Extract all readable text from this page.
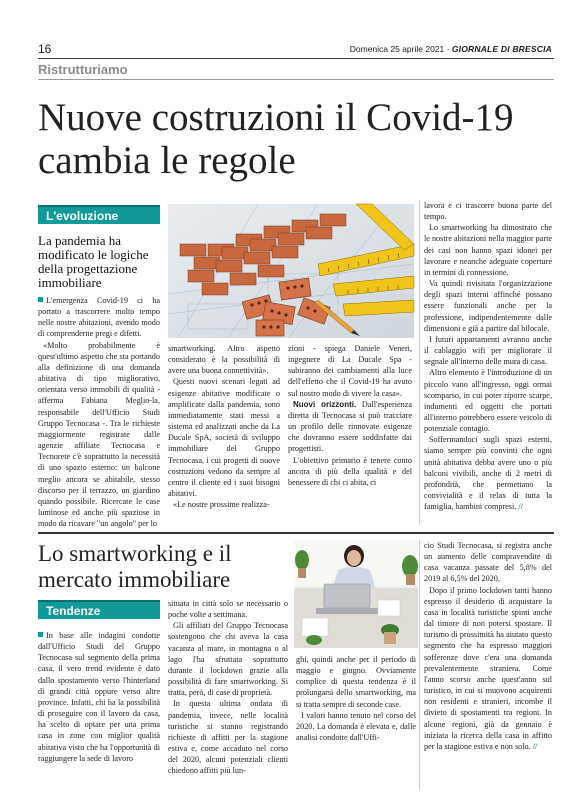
16	Domenica 25 aprile 2021 · GIORNALE DI BRESCIA
Ristrutturiamo
Nuove costruzioni il Covid-19 cambia le regole
L'evoluzione
La pandemia ha modificato le logiche della progettazione immobiliare

L'emergenza Covid-19 ci ha portato a trascorrere molto tempo nelle nostre abitazioni, avendo modo di comprenderne pregi e difetti.

«Molto probabilmente è quest'ultimo aspetto che sta portando alla definizione di una domanda abitativa di tipo migliorativo, orientata verso immobili di qualità - afferma Fabiana Meglio-la, responsabile dell'Ufficio Studi Gruppo Tecnocasa -. Tra le richieste maggiormente registrate dalle agenzie affiliate Tecnocasa e Tecnorete c'è soprattutto la necessità di uno spazio esterno: un balcone meglio ancora se abitabile, stesso discorso per il terrazzo, un giardino quando possibile. Ricercate le case luminose ed anche più spaziose in modo da ricavare "un angolo" per lo

smartworking. Altro aspetto considerato è la possibilità di avere una buona connettività».

Questi nuovi scenari legati ad esigenze abitative modificate o amplificate dalla pandemia, sono immediatamente stati messi a sistema ed analizzati anche da La Ducale SpA, società di sviluppo immobiliare del Gruppo Tecnocasa, i cui progetti di nuove costruzioni vedono da sempre al centro il cliente ed i suoi bisogni abitativi.

«Le nostre prossime realizza-

zioni - spiega Daniele Veneri, ingegnere di La Ducale Spa - subiranno dei cambiamenti alla luce dell'effetto che il Covid-19 ha avuto sul nostro modo di vivere la casa».

Nuovi orizzonti. Dall'esperienza diretta di Tecnocasa si può tracciare un profilo delle rinnovate esigenze che dovranno essere soddisfatte dai progettisti.

L'obiettivo primario è tenere conto ancora di più della qualità e del benessere di chi ci abita, ci

lavora e ci trascorre buona parte del tempo.

Lo smartworking ha dimostrato che le nostre abitazioni nella maggior parte dei casi non hanno spazi idonei per lavorare e neanche adeguate coperture in termini di connessione.

Va quindi rivisitata l'organizzazione degli spazi interni affinché possano essere funzionali anche per la professione, indipendentemente dalle dimensioni e già a partire dal bilocale.

I futuri appartamenti avranno anche il cablaggio wifi per migliorare il segnale all'interno delle mura di casa.

Altro elemento è l'introduzione di un piccolo vano all'ingresso, oggi ormai scomparso, in cui poter riporre scarpe, indumenti ed oggetti che portati all'interno potrebbero essere veicolo di potenziale contagio.

Soffermandoci sugli spazi esterni, siamo sempre più convinti che ogni unità abitativa debba avere uno o più balconi vivibili, anche di 2 metri di profondità, che permettano la convivialità e il relax di tutta la famiglia, bambini compresi. //

Lo smartworking e il mercato immobiliare
Tendenze

In base alle indagini condotte dall'Ufficio Studi del Gruppo Tecnocasa sul segmento della prima casa, il vero trend evidente è dato dallo spostamento verso l'hinterland di grandi città oppure verso altre province. Infatti, chi ha la possibilità di proseguire con il lavoro da casa, ha scelto di optare per una prima casa in zone con miglior qualità abitativa visto che ha l'opportunità di raggiungere la sede di lavoro

situata in città solo se necessario o poche volte a settimana.

Gli affiliati del Gruppo Tecnocasa sostengono che chi aveva la casa vacanza al mare, in montagna o al lago l'ha sfruttata soprattutto durante il lockdown grazie alla possibilità di fare smartworking. Si tratta, però, di case di proprietà.

In questa ultima ondata di pandemia, invece, nelle località turistiche si stanno registrando richieste di affitti per la stagione estiva e, come accaduto nel corso del 2020, alcuni potenziali clienti chiedono affitti più lun-

ghi, quindi anche per il periodo di maggio e giugno. Ovviamente complice di questa tendenza è il prolungarsi dello smartworking, ma si tratta sempre di seconde case.

I valori hanno tenuto nel corso del 2020. La domanda è elevata e, dalle analisi condotte dall'Uffi-

cio Studi Tecnocasa, si registra anche un aumento delle compravendite di casa vacanza passate del 5,8% del 2019 al 6,5% del 2020.

Dopo il primo lockdown tanti hanno espresso il desiderio di acquistare la casa in località turistiche spinti anche dal timore di non potersi spostare. Il turismo di prossimità ha aiutato questo segmento che ha espresso maggiori sofferenze dove c'era una domanda prevalentemente straniera. Come l'anno scorso anche quest'anno sul turistico, in cui si muovono acquirenti non residenti e stranieri, incombe il divieto di spostamenti tra regioni. In alcune regioni, già da gennaio è iniziata la ricerca della casa in affitto per la stagione estiva e non solo. //
